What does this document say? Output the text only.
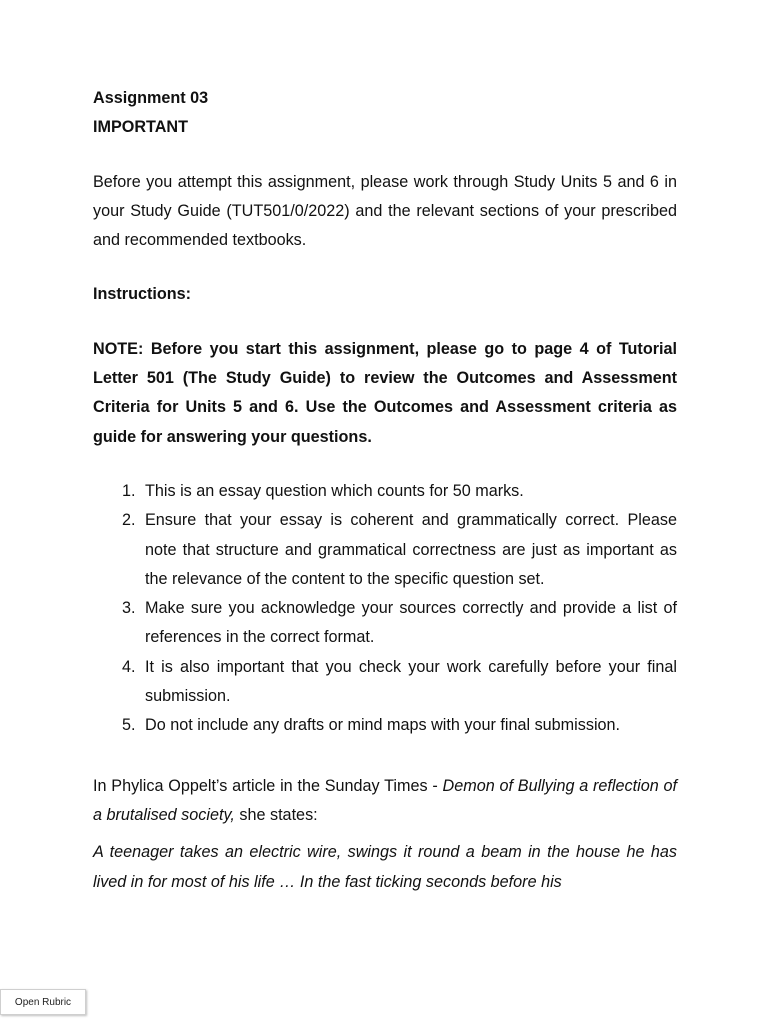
Assignment 03
IMPORTANT

Before you attempt this assignment, please work through Study Units 5 and 6 in your Study Guide (TUT501/0/2022) and the relevant sections of your prescribed and recommended textbooks.

Instructions:

NOTE: Before you start this assignment, please go to page 4 of Tutorial Letter 501 (The Study Guide) to review the Outcomes and Assessment Criteria for Units 5 and 6. Use the Outcomes and Assessment criteria as guide for answering your questions.

1. This is an essay question which counts for 50 marks.
2. Ensure that your essay is coherent and grammatically correct. Please note that structure and grammatical correctness are just as important as the relevance of the content to the specific question set.
3. Make sure you acknowledge your sources correctly and provide a list of references in the correct format.
4. It is also important that you check your work carefully before your final submission.
5. Do not include any drafts or mind maps with your final submission.

In Phylica Oppelt’s article in the Sunday Times - Demon of Bullying a reflection of a brutalised society, she states:

A teenager takes an electric wire, swings it round a beam in the house he has lived in for most of his life … In the fast ticking seconds before his

Open Rubric
